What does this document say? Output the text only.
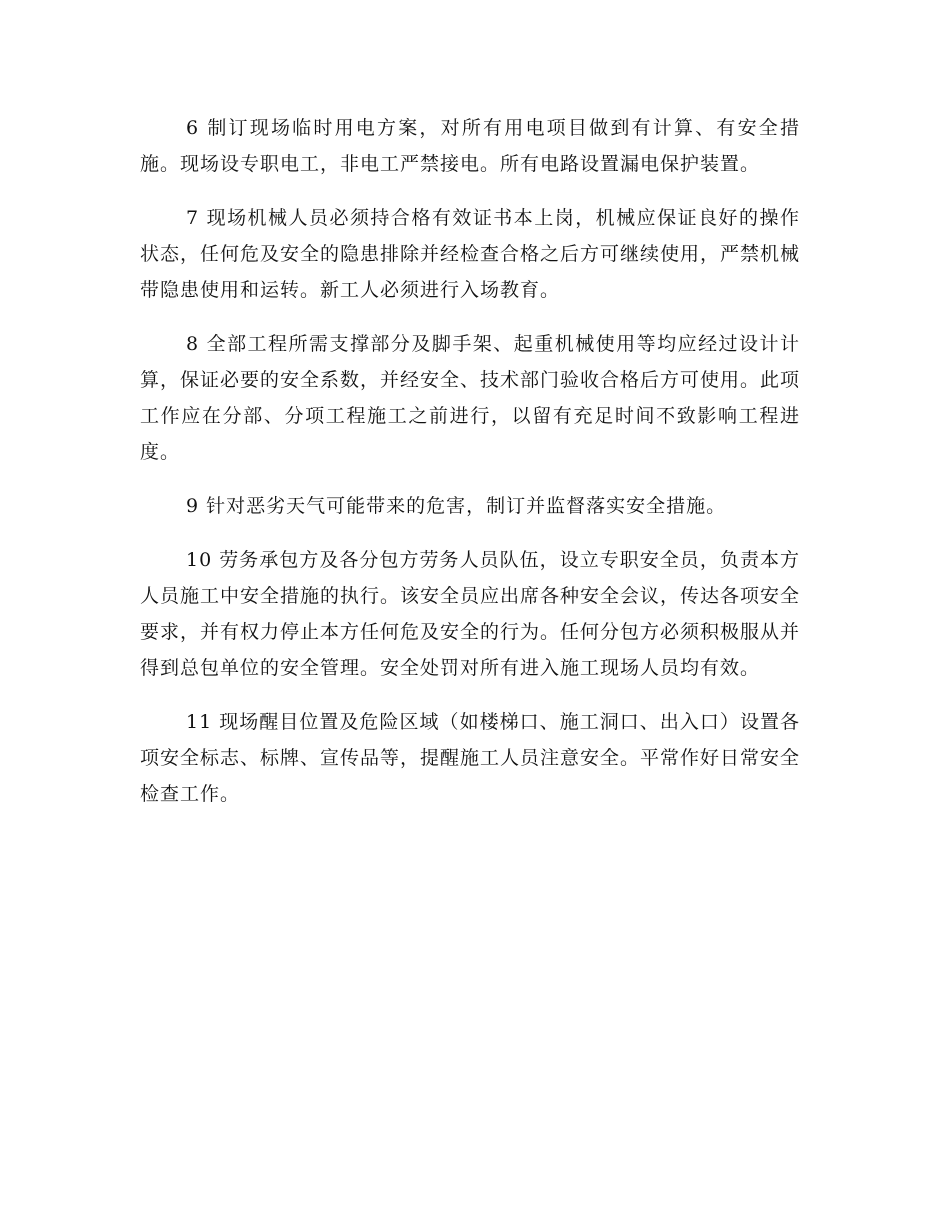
6 制订现场临时用电方案，对所有用电项目做到有计算、有安全措施。现场设专职电工，非电工严禁接电。所有电路设置漏电保护装置。

7 现场机械人员必须持合格有效证书本上岗，机械应保证良好的操作状态，任何危及安全的隐患排除并经检查合格之后方可继续使用，严禁机械带隐患使用和运转。新工人必须进行入场教育。

8 全部工程所需支撑部分及脚手架、起重机械使用等均应经过设计计算，保证必要的安全系数，并经安全、技术部门验收合格后方可使用。此项工作应在分部、分项工程施工之前进行，以留有充足时间不致影响工程进度。

9 针对恶劣天气可能带来的危害，制订并监督落实安全措施。

10 劳务承包方及各分包方劳务人员队伍，设立专职安全员，负责本方人员施工中安全措施的执行。该安全员应出席各种安全会议，传达各项安全要求，并有权力停止本方任何危及安全的行为。任何分包方必须积极服从并得到总包单位的安全管理。安全处罚对所有进入施工现场人员均有效。

11 现场醒目位置及危险区域（如楼梯口、施工洞口、出入口）设置各项安全标志、标牌、宣传品等，提醒施工人员注意安全。平常作好日常安全检查工作。
